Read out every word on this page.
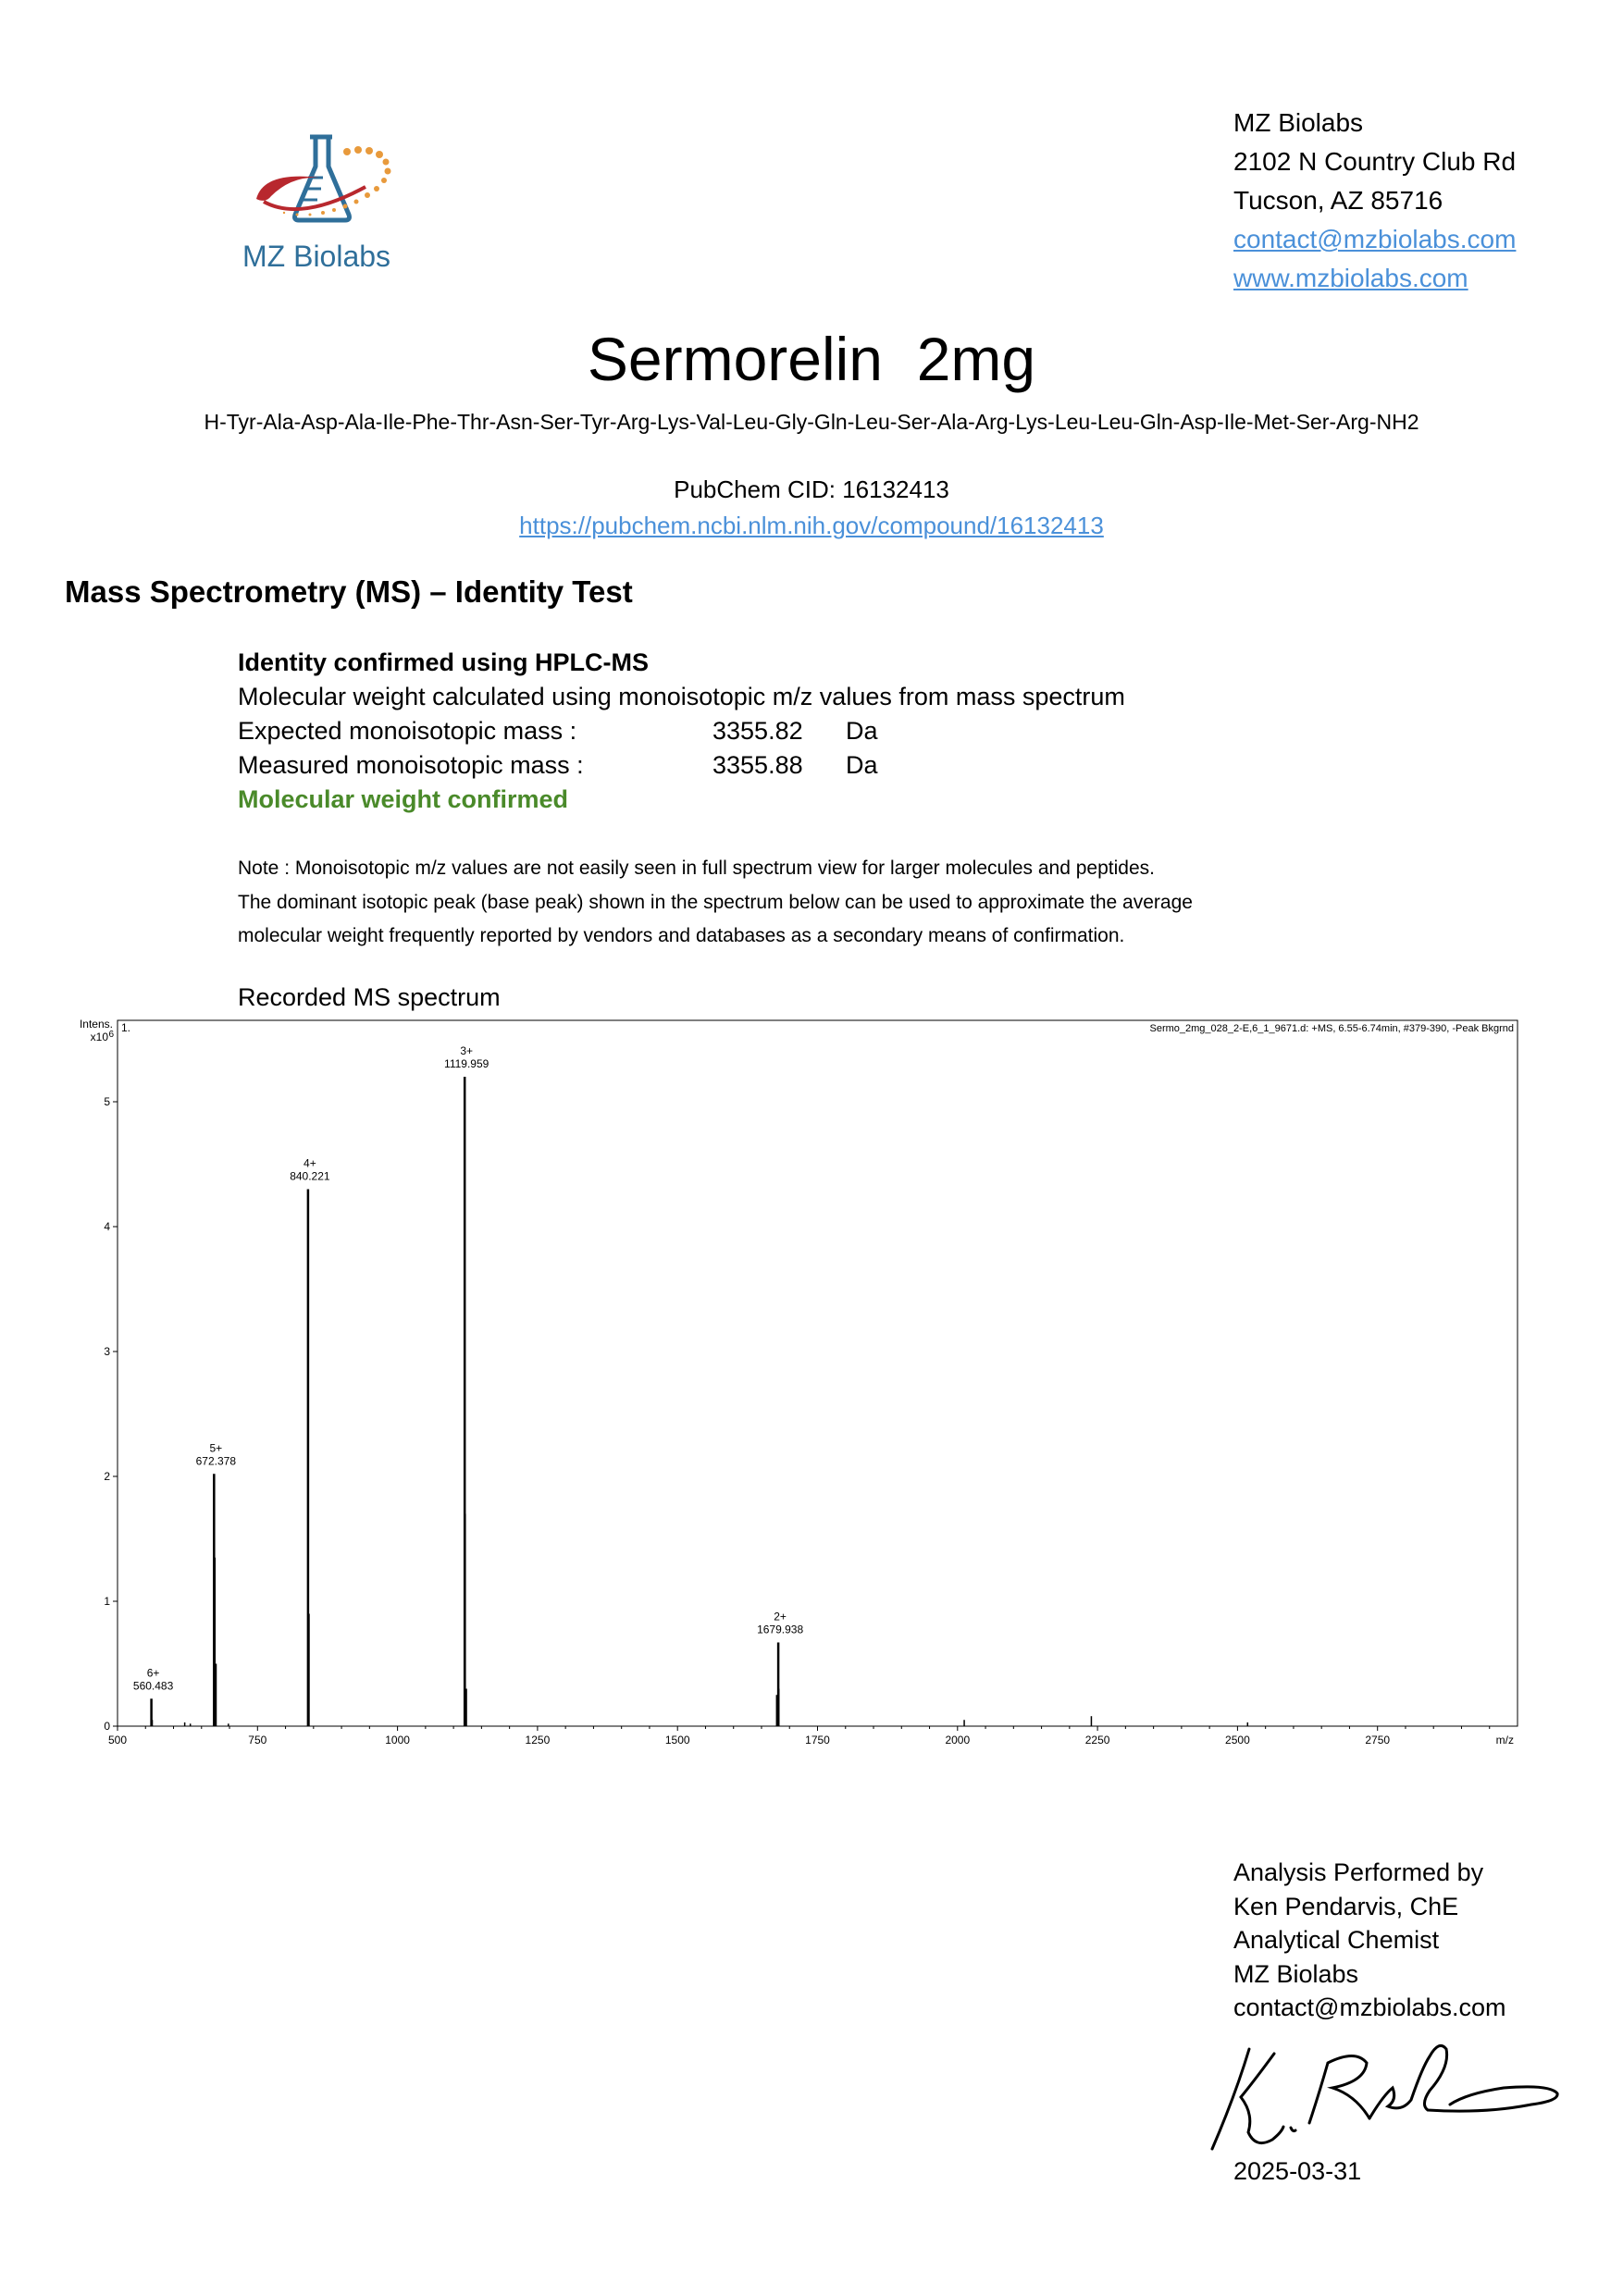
MZ Biolabs
MZ Biolabs
2102 N Country Club Rd
Tucson, AZ 85716
contact@mzbiolabs.com
www.mzbiolabs.com
Sermorelin  2mg
H-Tyr-Ala-Asp-Ala-Ile-Phe-Thr-Asn-Ser-Tyr-Arg-Lys-Val-Leu-Gly-Gln-Leu-Ser-Ala-Arg-Lys-Leu-Leu-Gln-Asp-Ile-Met-Ser-Arg-NH2
PubChem CID: 16132413
https://pubchem.ncbi.nlm.nih.gov/compound/16132413
Mass Spectrometry (MS) – Identity Test
Identity confirmed using HPLC-MS
Molecular weight calculated using monoisotopic m/z values from mass spectrum
Expected monoisotopic mass :	3355.82 Da
Measured monoisotopic mass :	3355.88 Da
Molecular weight confirmed
Note : Monoisotopic m/z values are not easily seen in full spectrum view for larger molecules and peptides.
The dominant isotopic peak (base peak) shown in the spectrum below can be used to approximate the average
molecular weight frequently reported by vendors and databases as a secondary means of confirmation.
Recorded MS spectrum
Intens.
x10 6
1.	Sermo_2mg_028_2-E,6_1_9671.d: +MS, 6.55-6.74min, #379-390, -Peak Bkgrnd
0
1
2
3
4
5
500	750	1000	1250	1500	1750	2000	2250	2500	2750	m/z
6+
560.483
5+
672.378
4+
840.221
3+
1119.959
2+
1679.938
Analysis Performed by
Ken Pendarvis, ChE
Analytical Chemist
MZ Biolabs
contact@mzbiolabs.com
2025-03-31
